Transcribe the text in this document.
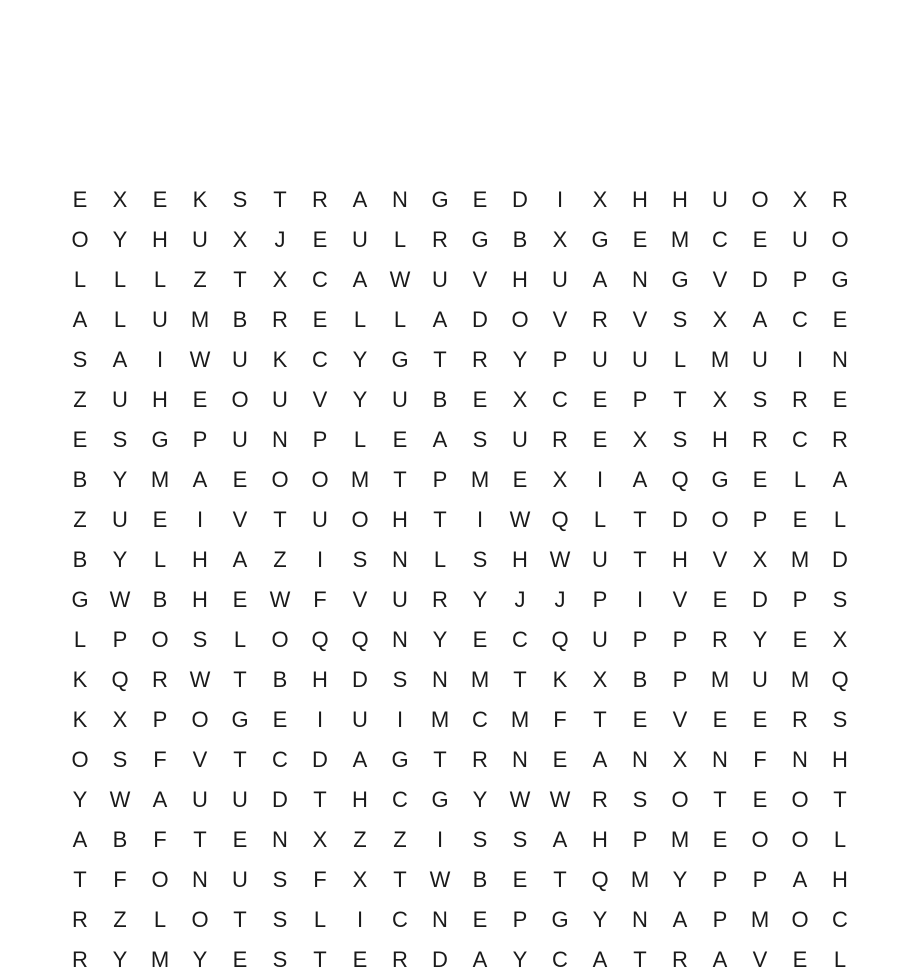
E	X	E	K	S	T	R	A	N	G	E	D	I	X	H	H	U	O	X	R
O	Y	H	U	X	J	E	U	L	R	G	B	X	G	E	M	C	E	U	O
L	L	L	Z	T	X	C	A	W U	V	H	U	A	N	G	V	D	P	G
A	L	U	M	B	R	E	L	L	A	D	O	V	R	V	S	X	A	C	E
S	A	I	W U	K	C	Y	G	T	R	Y	P	U	U	L	M	U	I	N
Z	U	H	E	O	U	V	Y	U	B	E	X	C	E	P	T	X	S	R	E
E	S	G	P	U	N	P	L	E	A	S	U	R	E	X	S	H	R	C	R
B	Y	M	A	E	O	O	M	T	P	M	E	X	I	A	Q	G	E	L	A
Z	U	E	I	V	T	U	O	H	T	I	W Q	L	T	D	O	P	E	L
B	Y	L	H	A	Z	I	S	N	L	S	H W U	T	H	V	X	M	D
G W	B	H	E	W	F	V	U	R	Y	J	J	P	I	V	E	D	P	S
L	P	O	S	L	O	Q	Q	N	Y	E	C	Q	U	P	P	R	Y	E	X
K	Q	R W	T	B	H	D	S	N	M	T	K	X	B	P	M	U	M	Q
K	X	P	O	G	E	I	U	I	M	C	M	F	T	E	V	E	E	R	S
O	S	F	V	T	C	D	A	G	T	R	N	E	A	N	X	N	F	N	H
Y	W	A	U	U	D	T	H	C	G	Y	W W R	S	O	T	E	O	T
A	B	F	T	E	N	X	Z	Z	I	S	S	A	H	P	M	E	O	O	L
T	F	O	N	U	S	F	X	T	W	B	E	T	Q	M	Y	P	P	A	H
R	Z	L	O	T	S	L	I	C	N	E	P	G	Y	N	A	P	M	O	C
R	Y	M	Y	E	S	T	E	R	D	A	Y	C	A	T	R	A	V	E	L
